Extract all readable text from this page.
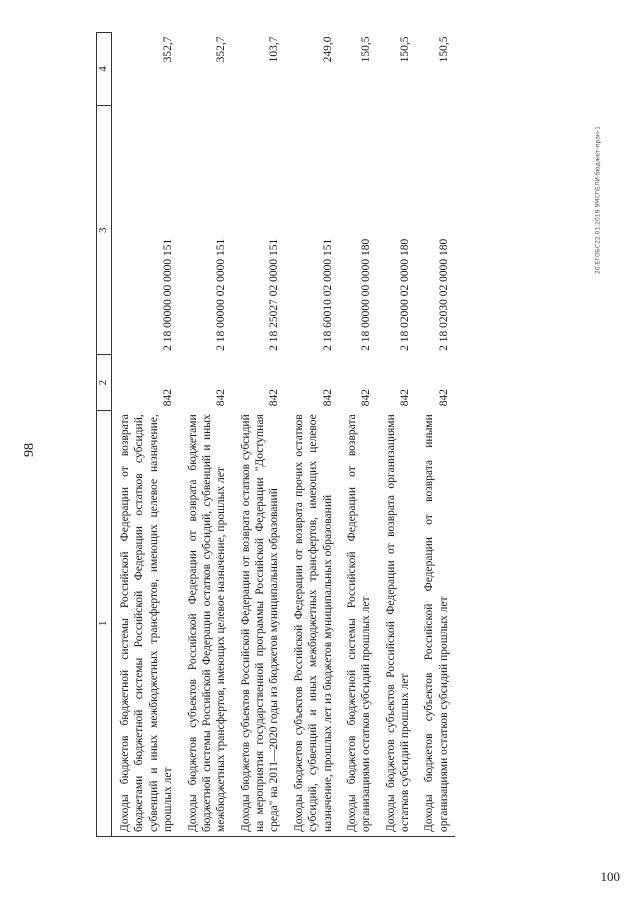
98
100
20.ЕГОБС22.01.2019 9МСПЕЛИ-бюджет-пран-1
1	2	3	4
Доходы бюджетов бюджетной системы Российской Федерации от возврата бюджетами бюджетной системы Российской Федерации остатков субсидий, субвенций и иных межбюджетных трансфертов, имеющих целевое назначение, прошлых лет	842	2 18 00000 00 0000 151	352,7
Доходы бюджетов субъектов Российской Федерации от возврата бюджетами бюджетной системы Российской Федерации остатков субсидий, субвенций и иных межбюджетных трансфертов, имеющих целевое назначение, прошлых лет	842	2 18 00000 02 0000 151	352,7
Доходы бюджетов субъектов Российской Федерации от возврата остатков субсидий на мероприятия государственной программы Российской Федерации "Доступная среда" на 2011—2020 годы из бюджетов муниципальных образований	842	2 18 25027 02 0000 151	103,7
Доходы бюджетов субъектов Российской Федерации от возврата прочих остатков субсидий, субвенций и иных межбюджетных трансфертов, имеющих целевое назначение, прошлых лет из бюджетов муниципальных образований	842	2 18 60010 02 0000 151	249,0
Доходы бюджетов бюджетной системы Российской Федерации от возврата организациями остатков субсидий прошлых лет	842	2 18 00000 00 0000 180	150,5
Доходы бюджетов субъектов Российской Федерации от возврата организациями остатков субсидий прошлых лет	842	2 18 02000 02 0000 180	150,5
Доходы бюджетов субъектов Российской Федерации от возврата иными организациями остатков субсидий прошлых лет	842	2 18 02030 02 0000 180	150,5
